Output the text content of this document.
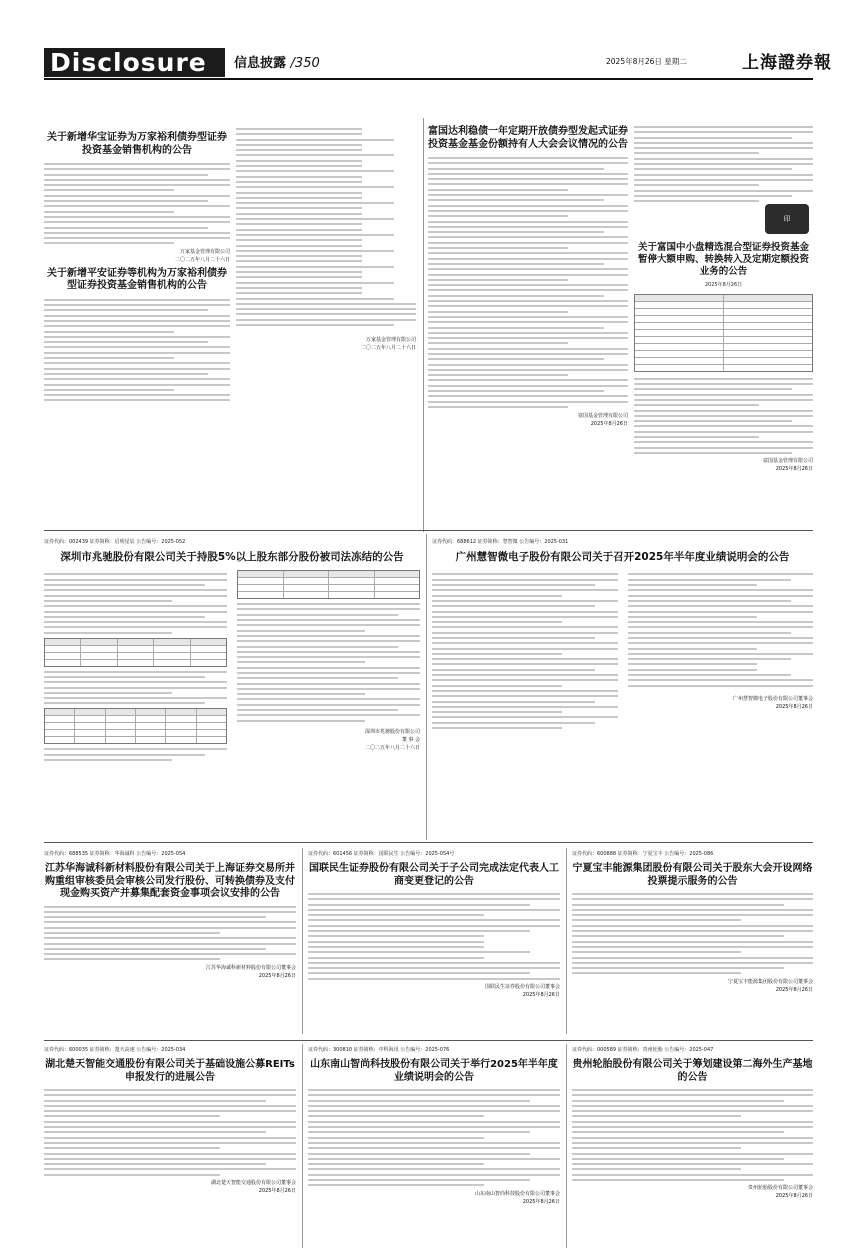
Disclosure	信息披露 /350	2025年8月26日 星期二	上海證券報
关于新增华宝证券为万家裕利债券型证券投资基金销售机构的公告
万家基金管理有限公司
二〇二五年八月二十六日
关于新增平安证券等机构为万家裕利债券型证券投资基金销售机构的公告
万家基金管理有限公司
二〇二五年八月二十六日
富国达利稳债一年定期开放债券型发起式证券投资基金基金份额持有人大会会议情况的公告
富国基金管理有限公司
2025年8月26日
印
关于富国中小盘精选混合型证券投资基金暂停大额申购、转换转入及定期定额投资业务的公告
2025年8月26日
富国基金管理有限公司
2025年8月26日
证券代码：002439 证券简称：启明星辰 公告编号：2025-052
深圳市兆驰股份有限公司关于持股5%以上股东部分股份被司法冻结的公告
深圳市兆驰股份有限公司
董 事 会
二〇二五年八月二十六日
证券代码：688612 证券简称：慧智微 公告编号：2025-031
广州慧智微电子股份有限公司关于召开2025年半年度业绩说明会的公告
广州慧智微电子股份有限公司董事会
2025年8月26日
证券代码：688535 证券简称：华海诚科 公告编号：2025-054
江苏华海诚科新材料股份有限公司关于上海证券交易所并购重组审核委员会审核公司发行股份、可转换债券及支付现金购买资产并募集配套资金事项会议安排的公告
江苏华海诚科新材料股份有限公司董事会
2025年8月26日
证券代码：601456 证券简称：国联民生 公告编号：2025-054号
国联民生证券股份有限公司关于子公司完成法定代表人工商变更登记的公告
国联民生证券股份有限公司董事会
2025年8月26日
证券代码：600888 证券简称：宁夏宝丰 公告编号：2025-086
宁夏宝丰能源集团股份有限公司关于股东大会开设网络投票提示服务的公告
宁夏宝丰能源集团股份有限公司董事会
2025年8月26日
证券代码：600035 证券简称：楚天高速 公告编号：2025-034
湖北楚天智能交通股份有限公司关于基础设施公募REITs申报发行的进展公告
湖北楚天智能交通股份有限公司董事会
2025年8月26日
证券代码：300810 证券简称：中科海讯 公告编号：2025-076
山东南山智尚科技股份有限公司关于举行2025年半年度业绩说明会的公告
山东南山智尚科技股份有限公司董事会
2025年8月26日
证券代码：000589 证券简称：贵州轮胎 公告编号：2025-047
贵州轮胎股份有限公司关于筹划建设第二海外生产基地的公告
贵州轮胎股份有限公司董事会
2025年8月26日
